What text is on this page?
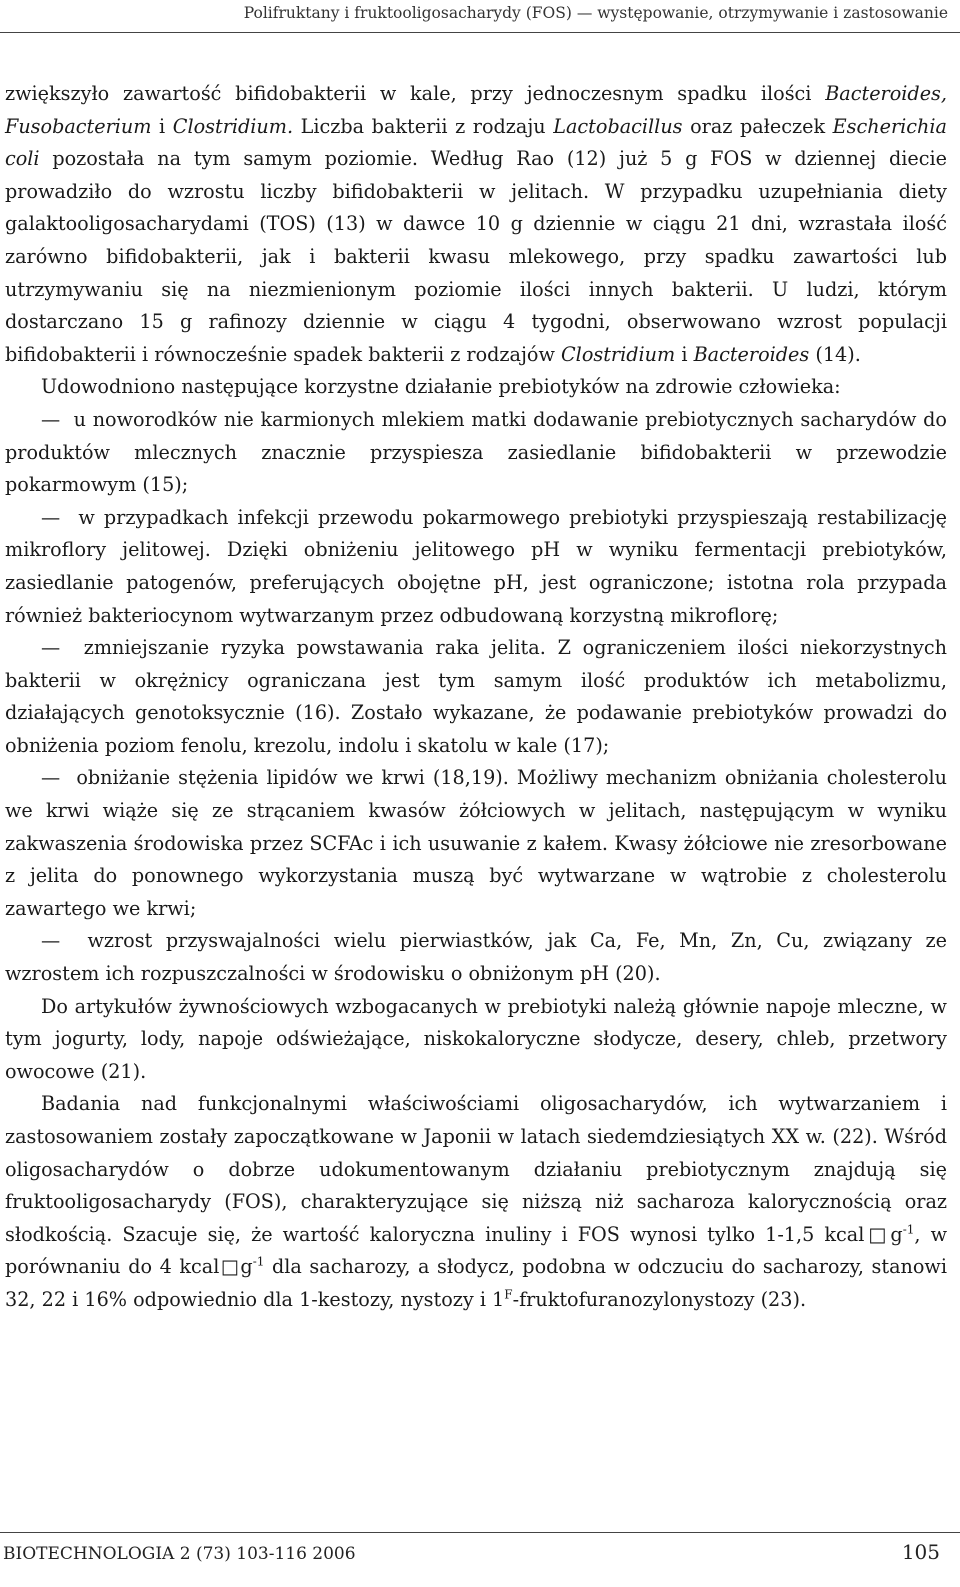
Polifruktany i fruktooligosacharydy (FOS) — występowanie, otrzymywanie i zastosowanie

zwiększyło zawartość bifidobakterii w kale, przy jednoczesnym spadku ilości Bacteroides, Fusobacterium i Clostridium. Liczba bakterii z rodzaju Lactobacillus oraz pałeczek Escherichia coli pozostała na tym samym poziomie. Według Rao (12) już 5 g FOS w dziennej diecie prowadziło do wzrostu liczby bifidobakterii w jelitach. W przypadku uzupełniania diety galaktooligosacharydami (TOS) (13) w dawce 10 g dziennie w ciągu 21 dni, wzrastała ilość zarówno bifidobakterii, jak i bakterii kwasu mlekowego, przy spadku zawartości lub utrzymywaniu się na niezmienionym poziomie ilości innych bakterii. U ludzi, którym dostarczano 15 g rafinozy dziennie w ciągu 4 tygodni, obserwowano wzrost populacji bifidobakterii i równocześnie spadek bakterii z rodzajów Clostridium i Bacteroides (14).

Udowodniono następujące korzystne działanie prebiotyków na zdrowie człowieka:

—  u noworodków nie karmionych mlekiem matki dodawanie prebiotycznych sacharydów do produktów mlecznych znacznie przyspiesza zasiedlanie bifidobakterii w przewodzie pokarmowym (15);

—  w przypadkach infekcji przewodu pokarmowego prebiotyki przyspieszają restabilizację mikroflory jelitowej. Dzięki obniżeniu jelitowego pH w wyniku fermentacji prebiotyków, zasiedlanie patogenów, preferujących obojętne pH, jest ograniczone; istotna rola przypada również bakteriocynom wytwarzanym przez odbudowaną korzystną mikroflorę;

—  zmniejszanie ryzyka powstawania raka jelita. Z ograniczeniem ilości niekorzystnych bakterii w okrężnicy ograniczana jest tym samym ilość produktów ich metabolizmu, działających genotoksycznie (16). Zostało wykazane, że podawanie prebiotyków prowadzi do obniżenia poziom fenolu, krezolu, indolu i skatolu w kale (17);

—  obniżanie stężenia lipidów we krwi (18,19). Możliwy mechanizm obniżania cholesterolu we krwi wiąże się ze strącaniem kwasów żółciowych w jelitach, następującym w wyniku zakwaszenia środowiska przez SCFAc i ich usuwanie z kałem. Kwasy żółciowe nie zresorbowane z jelita do ponownego wykorzystania muszą być wytwarzane w wątrobie z cholesterolu zawartego we krwi;

—  wzrost przyswajalności wielu pierwiastków, jak Ca, Fe, Mn, Zn, Cu, związany ze wzrostem ich rozpuszczalności w środowisku o obniżonym pH (20).

Do artykułów żywnościowych wzbogacanych w prebiotyki należą głównie napoje mleczne, w tym jogurty, lody, napoje odświeżające, niskokaloryczne słodycze, desery, chleb, przetwory owocowe (21).

Badania nad funkcjonalnymi właściwościami oligosacharydów, ich wytwarzaniem i zastosowaniem zostały zapoczątkowane w Japonii w latach siedemdziesiątych XX w. (22). Wśród oligosacharydów o dobrze udokumentowanym działaniu prebiotycznym znajdują się fruktooligosacharydy (FOS), charakteryzujące się niższą niż sacharoza kalorycznością oraz słodkością. Szacuje się, że wartość kaloryczna inuliny i FOS wynosi tylko 1-1,5 $kcal□g^{-1}$, w porównaniu do 4 $kcal□g^{-1}$ dla sacharozy, a słodycz, podobna w odczuciu do sacharozy, stanowi 32, 22 i 16% odpowiednio dla 1-kestozy, nystozy i $1^F$-fruktofuranozylonystozy (23).

BIOTECHNOLOGIA 2 (73) 103-116 2006	105
